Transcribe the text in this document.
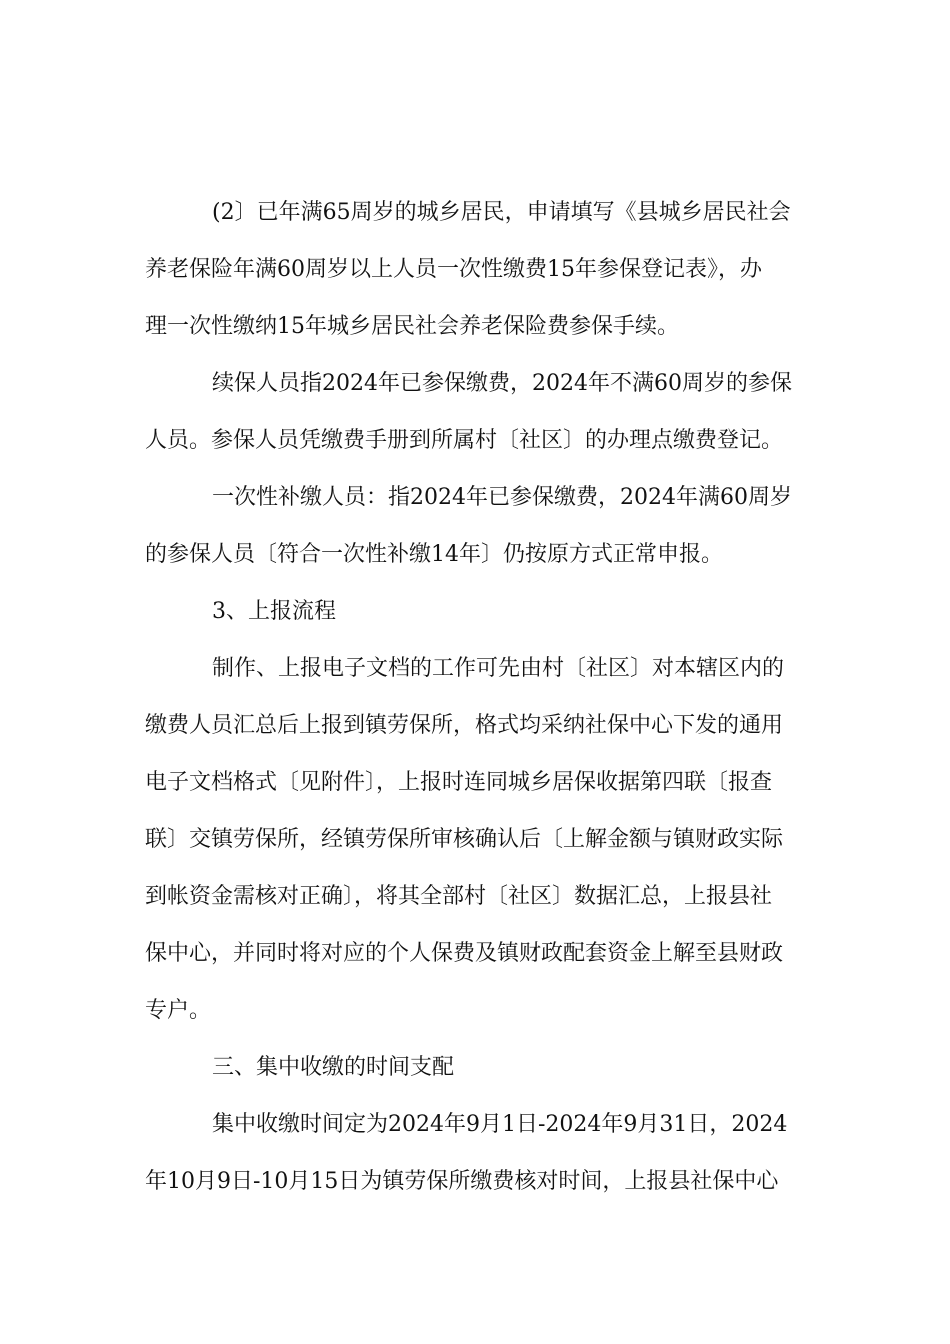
(2〕已年满65周岁的城乡居民，申请填写《县城乡居民社会
养老保险年满60周岁以上人员一次性缴费15年参保登记表》，办
理一次性缴纳15年城乡居民社会养老保险费参保手续。
续保人员指2024年已参保缴费，2024年不满60周岁的参保
人员。参保人员凭缴费手册到所属村〔社区〕的办理点缴费登记。
一次性补缴人员：指2024年已参保缴费，2024年满60周岁
的参保人员〔符合一次性补缴14年〕仍按原方式正常申报。
3、上报流程
制作、上报电子文档的工作可先由村〔社区〕对本辖区内的
缴费人员汇总后上报到镇劳保所，格式均采纳社保中心下发的通用
电子文档格式〔见附件〕，上报时连同城乡居保收据第四联〔报查
联〕交镇劳保所，经镇劳保所审核确认后〔上解金额与镇财政实际
到帐资金需核对正确〕，将其全部村〔社区〕数据汇总，上报县社
保中心，并同时将对应的个人保费及镇财政配套资金上解至县财政
专户。
三、集中收缴的时间支配
集中收缴时间定为2024年9月1日-2024年9月31日，2024
年10月9日-10月15日为镇劳保所缴费核对时间，上报县社保中心
